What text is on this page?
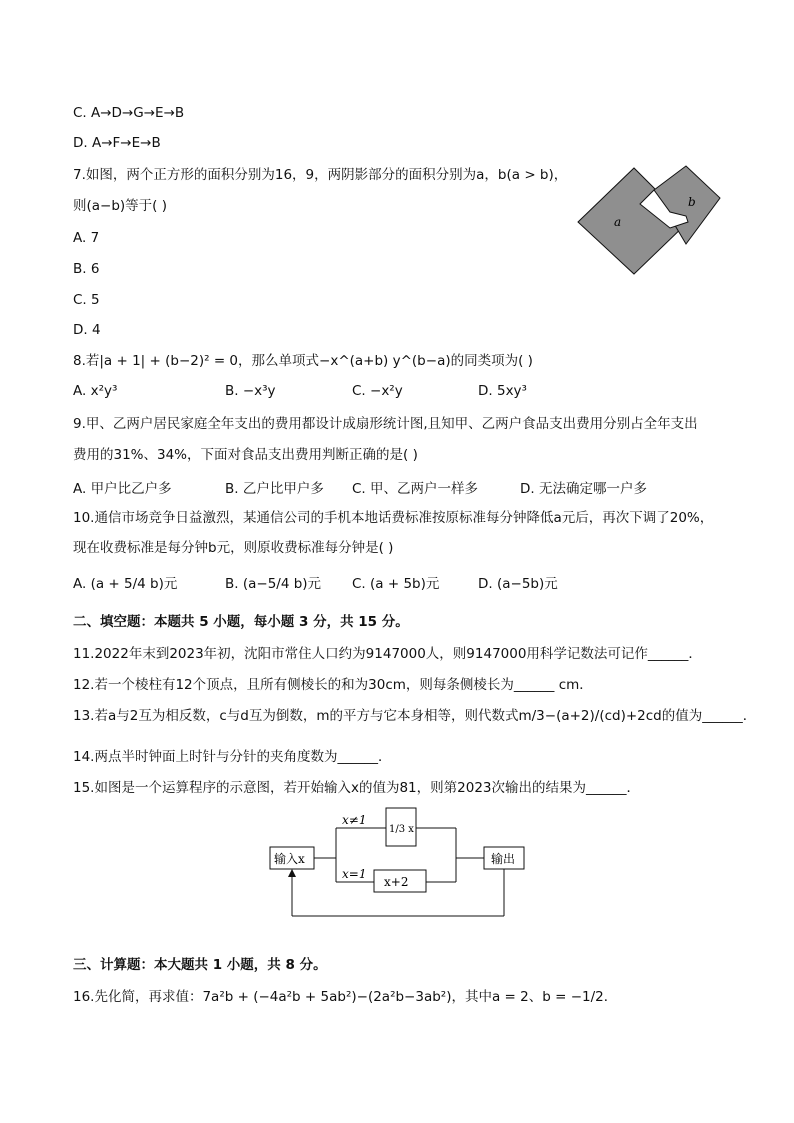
C. A→D→G→E→B
D. A→F→E→B
7.如图，两个正方形的面积分别为16，9，两阴影部分的面积分别为a，b(a > b)，
则(a−b)等于( )
A. 7
B. 6
C. 5
D. 4
a
b
8.若|a + 1| + (b−2)² = 0，那么单项式−x^(a+b) y^(b−a)的同类项为( )
A. x²y³	B. −x³y	C. −x²y	D. 5xy³
9.甲、乙两户居民家庭全年支出的费用都设计成扇形统计图,且知甲、乙两户食品支出费用分别占全年支出
费用的31%、34%，下面对食品支出费用判断正确的是( )
A. 甲户比乙户多	B. 乙户比甲户多 C. 甲、乙两户一样多	D. 无法确定哪一户多
10.通信市场竞争日益激烈，某通信公司的手机本地话费标准按原标准每分钟降低a元后，再次下调了20%，
现在收费标准是每分钟b元，则原收费标准每分钟是( )
A. (a + 5/4 b)元	B. (a−5/4 b)元 C. (a + 5b)元	D. (a−5b)元
二、填空题：本题共 5 小题，每小题 3 分，共 15 分。
11.2022年末到2023年初，沈阳市常住人口约为9147000人，则9147000用科学记数法可记作______．
12.若一个棱柱有12个顶点，且所有侧棱长的和为30cm，则每条侧棱长为______ cm．
13.若a与2互为相反数，c与d互为倒数，m的平方与它本身相等，则代数式m/3−(a+2)/(cd)+2cd的值为______．
14.两点半时钟面上时针与分针的夹角度数为______．
15.如图是一个运算程序的示意图，若开始输入x的值为81，则第2023次输出的结果为______．
输入x	输出
1/3 x
x+2
x≠1
x=1
三、计算题：本大题共 1 小题，共 8 分。
16.先化简，再求值：7a²b + (−4a²b + 5ab²)−(2a²b−3ab²)，其中a = 2、b = −1/2．
